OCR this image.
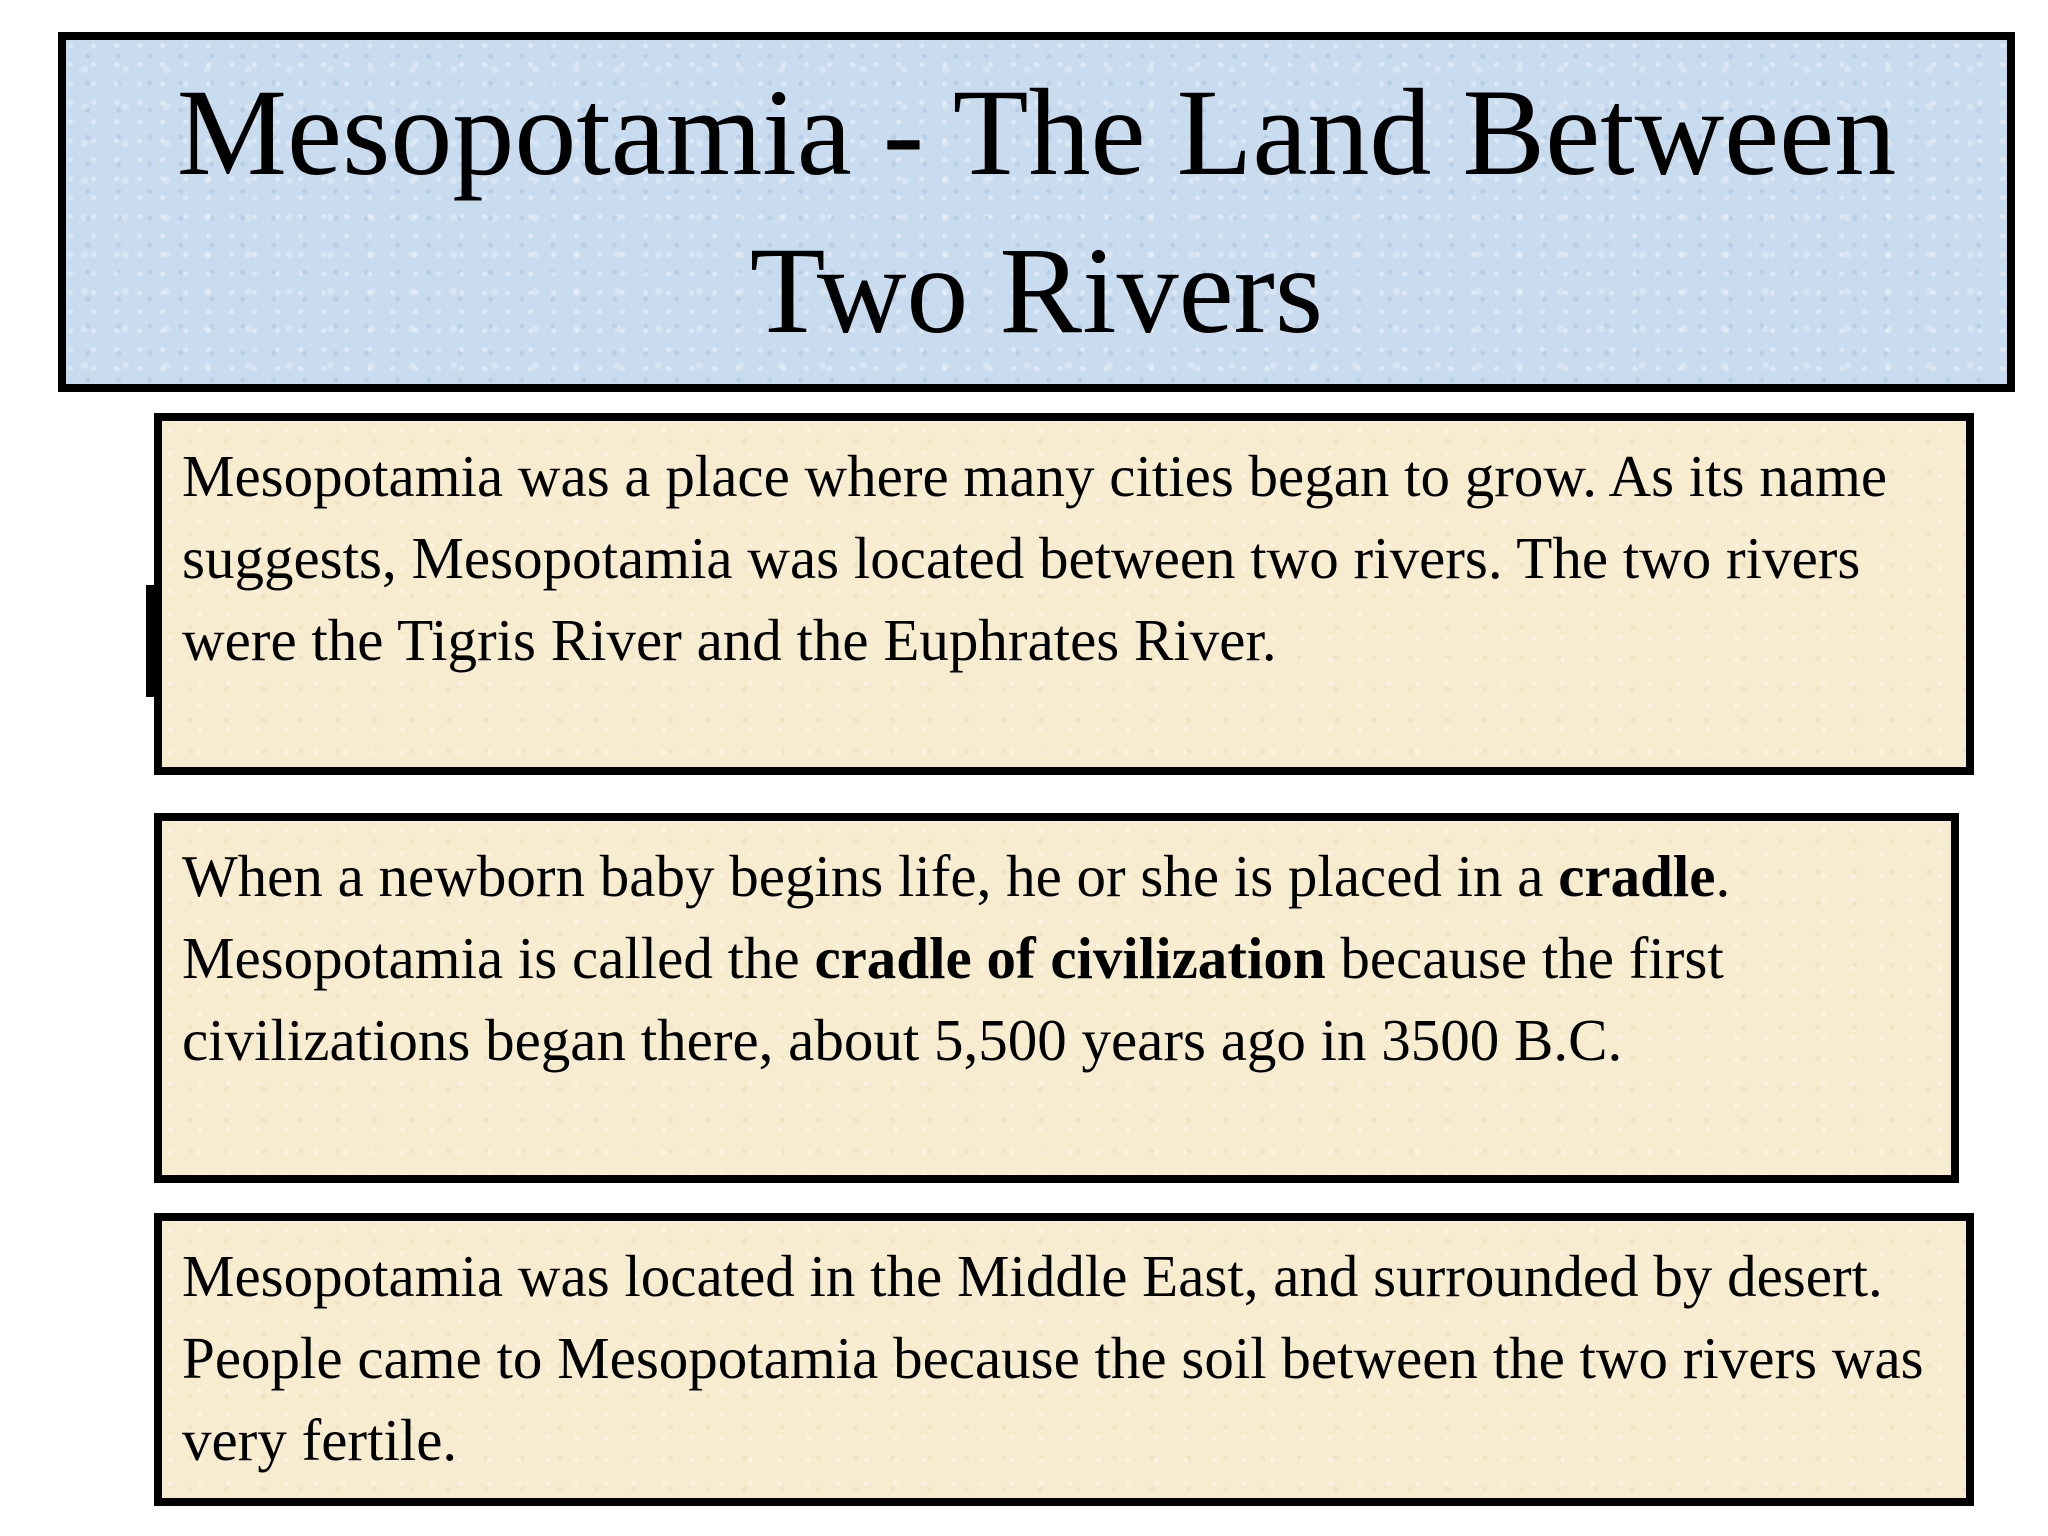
Mesopotamia - The Land Between Two Rivers

Mesopotamia was a place where many cities began to grow. As its name suggests, Mesopotamia was located between two rivers. The two rivers were the Tigris River and the Euphrates River.

When a newborn baby begins life, he or she is placed in a cradle. Mesopotamia is called the cradle of civilization because the first civilizations began there, about 5,500 years ago in 3500 B.C.

Mesopotamia was located in the Middle East, and surrounded by desert. People came to Mesopotamia because the soil between the two rivers was very fertile.
